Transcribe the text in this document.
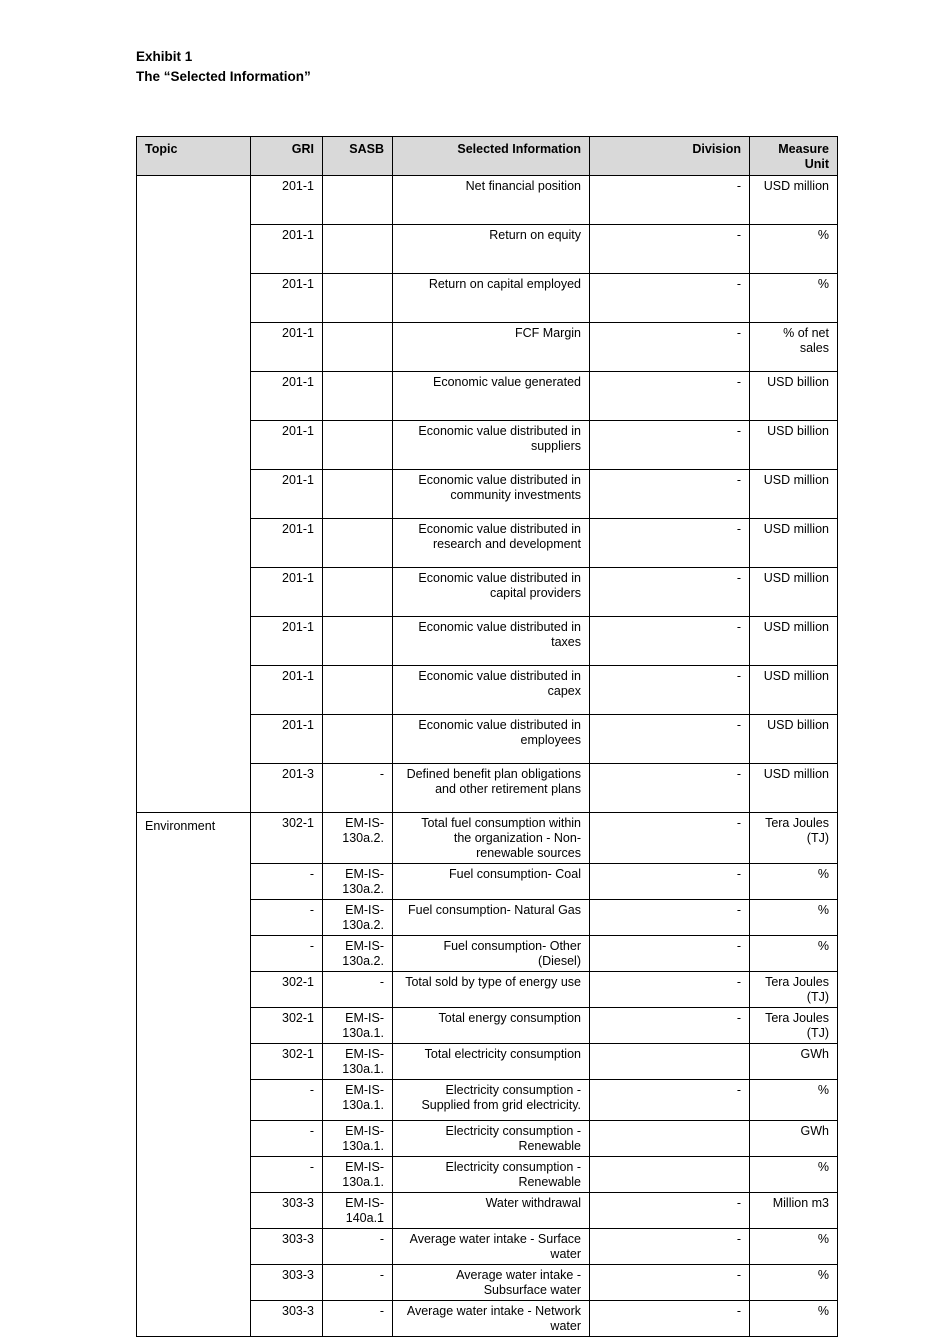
Exhibit 1
The “Selected Information”
Topic	GRI	SASB	Selected Information	Division	Measure Unit
	201-1		Net financial position	-	USD million
	201-1		Return on equity	-	%
	201-1		Return on capital employed	-	%
	201-1		FCF Margin	-	% of net sales
	201-1		Economic value generated	-	USD billion
	201-1		Economic value distributed in suppliers	-	USD billion
	201-1		Economic value distributed in community investments	-	USD million
	201-1		Economic value distributed in research and development	-	USD million
	201-1		Economic value distributed in capital providers	-	USD million
	201-1		Economic value distributed in taxes	-	USD million
	201-1		Economic value distributed in capex	-	USD million
	201-1		Economic value distributed in employees	-	USD billion
	201-3	-	Defined benefit plan obligations and other retirement plans	-	USD million
Environment	302-1	EM-IS-130a.2.	Total fuel consumption within the organization - Non-renewable sources	-	Tera Joules (TJ)
	-	EM-IS-130a.2.	Fuel consumption- Coal	-	%
	-	EM-IS-130a.2.	Fuel consumption- Natural Gas	-	%
	-	EM-IS-130a.2.	Fuel consumption- Other (Diesel)	-	%
	302-1	-	Total sold by type of energy use	-	Tera Joules (TJ)
	302-1	EM-IS-130a.1.	Total energy consumption	-	Tera Joules (TJ)
	302-1	EM-IS-130a.1.	Total electricity consumption		GWh
	-	EM-IS-130a.1.	Electricity consumption - Supplied from grid electricity.	-	%
	-	EM-IS-130a.1.	Electricity consumption - Renewable		GWh
	-	EM-IS-130a.1.	Electricity consumption - Renewable		%
	303-3	EM-IS-140a.1	Water withdrawal	-	Million m3
	303-3	-	Average water intake - Surface water	-	%
	303-3	-	Average water intake - Subsurface water	-	%
	303-3	-	Average water intake - Network water	-	%
